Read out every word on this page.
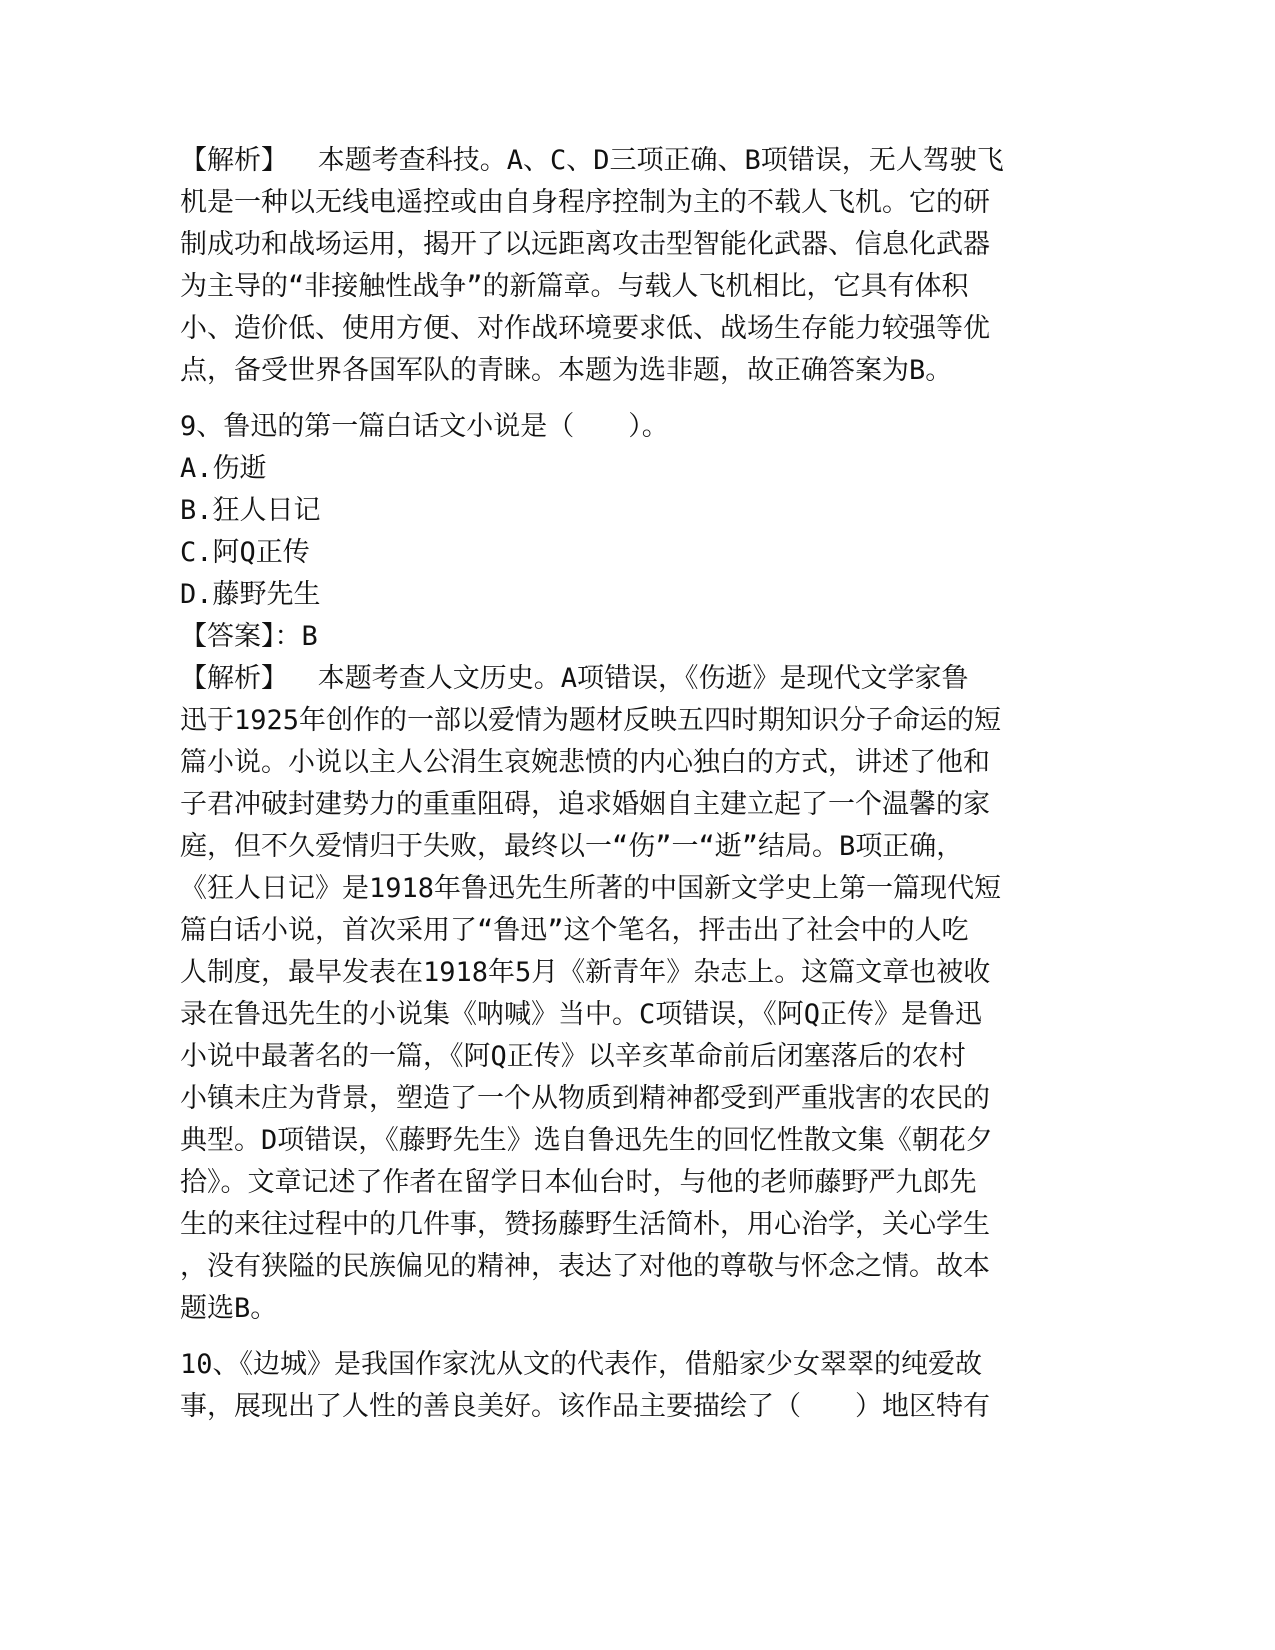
【解析】　 本题考查科技。A、C、D三项正确、B项错误，无人驾驶飞
机是一种以无线电遥控或由自身程序控制为主的不载人飞机。它的研
制成功和战场运用，揭开了以远距离攻击型智能化武器、信息化武器
为主导的“非接触性战争”的新篇章。与载人飞机相比，它具有体积
小、造价低、使用方便、对作战环境要求低、战场生存能力较强等优
点，备受世界各国军队的青睐。本题为选非题，故正确答案为B。
9、鲁迅的第一篇白话文小说是（　　）。
A.伤逝
B.狂人日记
C.阿Q正传
D.藤野先生
【答案】：B
【解析】　 本题考查人文历史。A项错误，《伤逝》是现代文学家鲁
迅于1925年创作的一部以爱情为题材反映五四时期知识分子命运的短
篇小说。小说以主人公涓生哀婉悲愤的内心独白的方式，讲述了他和
子君冲破封建势力的重重阻碍，追求婚姻自主建立起了一个温馨的家
庭，但不久爱情归于失败，最终以一“伤”一“逝”结局。B项正确，
《狂人日记》是1918年鲁迅先生所著的中国新文学史上第一篇现代短
篇白话小说，首次采用了“鲁迅”这个笔名，抨击出了社会中的人吃
人制度，最早发表在1918年5月《新青年》杂志上。这篇文章也被收
录在鲁迅先生的小说集《呐喊》当中。C项错误，《阿Q正传》是鲁迅
小说中最著名的一篇，《阿Q正传》以辛亥革命前后闭塞落后的农村
小镇未庄为背景，塑造了一个从物质到精神都受到严重戕害的农民的
典型。D项错误，《藤野先生》选自鲁迅先生的回忆性散文集《朝花夕
拾》。文章记述了作者在留学日本仙台时，与他的老师藤野严九郎先
生的来往过程中的几件事，赞扬藤野生活简朴，用心治学，关心学生
，没有狭隘的民族偏见的精神，表达了对他的尊敬与怀念之情。故本
题选B。
10、《边城》是我国作家沈从文的代表作，借船家少女翠翠的纯爱故
事，展现出了人性的善良美好。该作品主要描绘了（　　）地区特有
